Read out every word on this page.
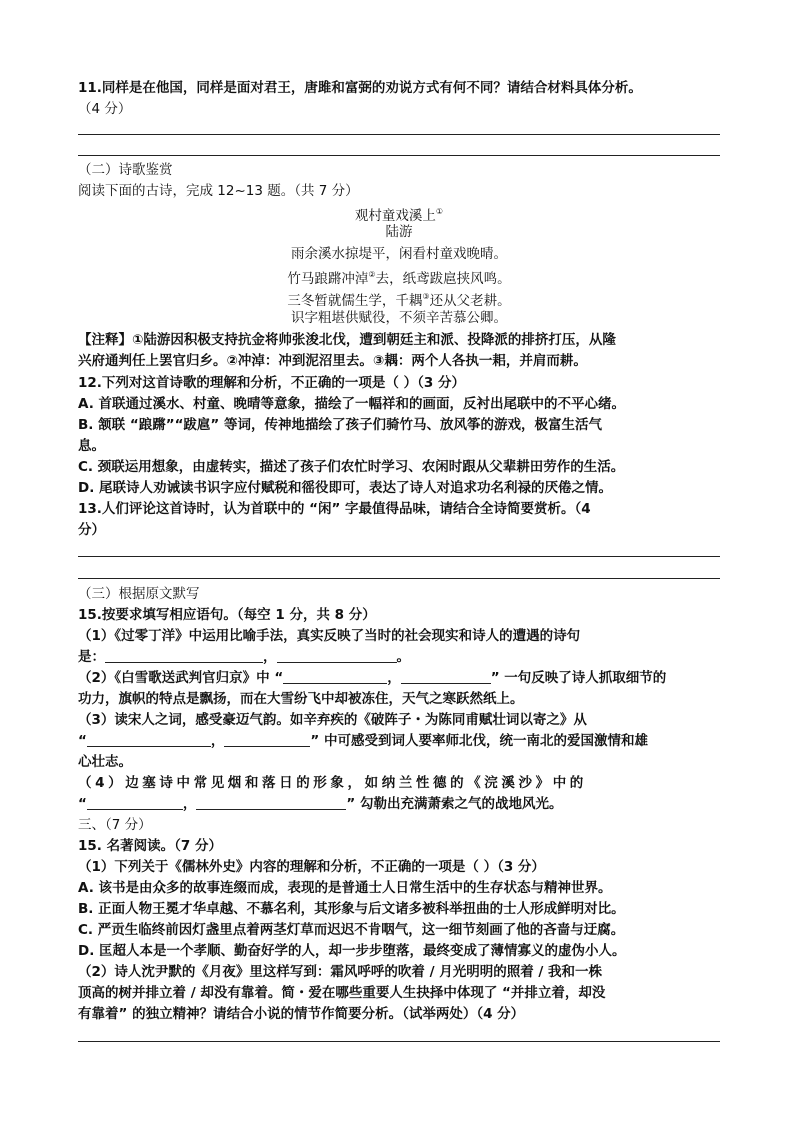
11.同样是在他国，同样是面对君王，唐雎和富弼的劝说方式有何不同？请结合材料具体分析。
（4 分）
（二）诗歌鉴赏
阅读下面的古诗，完成 12~13 题。（共 7 分）
观村童戏溪上①
陆游
雨余溪水掠堤平，闲看村童戏晚晴。
竹马踉蹡冲淖②去，纸鸢跋扈挟风鸣。
三冬暂就儒生学，千耦③还从父老耕。
识字粗堪供赋役，不须辛苦慕公卿。
【注释】①陆游因积极支持抗金将帅张浚北伐，遭到朝廷主和派、投降派的排挤打压，从隆
兴府通判任上罢官归乡。②冲淖：冲到泥沼里去。③耦：两个人各执一耜，并肩而耕。
12.下列对这首诗歌的理解和分析，不正确的一项是（ ）（3 分）
A. 首联通过溪水、村童、晚晴等意象，描绘了一幅祥和的画面，反衬出尾联中的不平心绪。
B. 颔联 “踉蹡”“跋扈” 等词，传神地描绘了孩子们骑竹马、放风筝的游戏，极富生活气
息。
C. 颈联运用想象，由虚转实，描述了孩子们农忙时学习、农闲时跟从父辈耕田劳作的生活。
D. 尾联诗人劝诫读书识字应付赋税和徭役即可，表达了诗人对追求功名利禄的厌倦之情。
13.人们评论这首诗时，认为首联中的 “闲” 字最值得品味，请结合全诗简要赏析。（4
分）
（三）根据原文默写
15.按要求填写相应语句。（每空 1 分，共 8 分）
（1）《过零丁洋》中运用比喻手法，真实反映了当时的社会现实和诗人的遭遇的诗句
是：	，	。
（2）《白雪歌送武判官归京》中 “	，	” 一句反映了诗人抓取细节的
功力，旗帜的特点是飘扬，而在大雪纷飞中却被冻住，天气之寒跃然纸上。
（3）读宋人之词，感受豪迈气韵。如辛弃疾的《破阵子・为陈同甫赋壮词以寄之》从
“	，	” 中可感受到词人要率师北伐，统一南北的爱国激情和雄
心壮志。
（4）边塞诗中常见烟和落日的形象，如纳兰性德的《浣溪沙》中的
“	，	” 勾勒出充满萧索之气的战地风光。
三、（7 分）
15. 名著阅读。（7 分）
（1）下列关于《儒林外史》内容的理解和分析，不正确的一项是（ ）（3 分）
A. 该书是由众多的故事连缀而成，表现的是普通士人日常生活中的生存状态与精神世界。
B. 正面人物王冕才华卓越、不慕名利，其形象与后文诸多被科举扭曲的士人形成鲜明对比。
C. 严贡生临终前因灯盏里点着两茎灯草而迟迟不肯咽气，这一细节刻画了他的吝啬与迂腐。
D. 匡超人本是一个孝顺、勤奋好学的人，却一步步堕落，最终变成了薄情寡义的虚伪小人。
（2）诗人沈尹默的《月夜》里这样写到：霜风呼呼的吹着 / 月光明明的照着 / 我和一株
顶高的树并排立着 / 却没有靠着。简・爱在哪些重要人生抉择中体现了 “并排立着，却没
有靠着” 的独立精神？请结合小说的情节作简要分析。（试举两处）（4 分）
